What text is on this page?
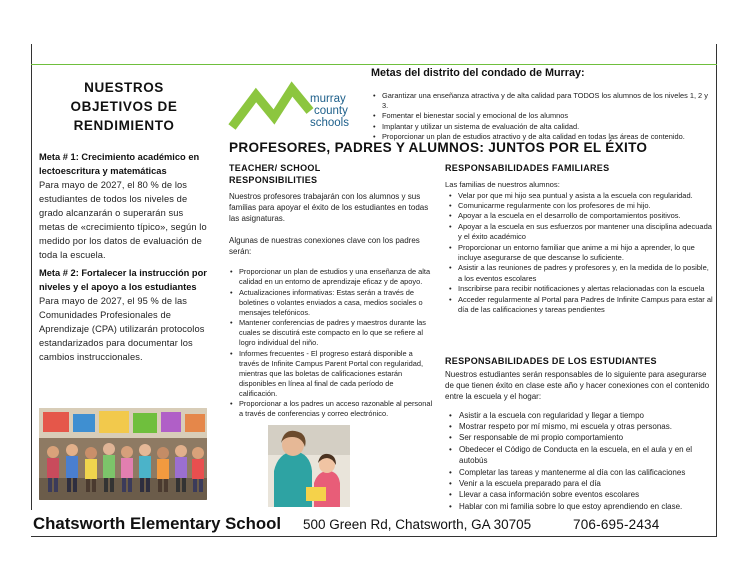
NUESTROS
OBJETIVOS DE
RENDIMIENTO
Meta # 1: Crecimiento académico en lectoescritura y matemáticas
Para mayo de 2027, el 80 % de los estudiantes de todos los niveles de grado alcanzarán o superarán sus metas de «crecimiento típico», según lo medido por los datos de evaluación de toda la escuela.
Meta # 2: Fortalecer la instrucción por niveles y el apoyo a los estudiantes
Para mayo de 2027, el 95 % de las Comunidades Profesionales de Aprendizaje (CPA) utilizarán protocolos estandarizados para documentar los cambios instruccionales.
murray
county
schools
Metas del distrito del condado de Murray:
• Garantizar una enseñanza atractiva y de alta calidad para TODOS los alumnos de los niveles 1, 2 y 3.
• Fomentar el bienestar social y emocional de los alumnos
• Implantar y utilizar un sistema de evaluación de alta calidad.
• Proporcionar un plan de estudios atractivo y de alta calidad en todas las áreas de contenido.
PROFESORES, PADRES Y ALUMNOS: JUNTOS POR EL ÉXITO
TEACHER/ SCHOOL
RESPONSIBILITIES
Nuestros profesores trabajarán con los alumnos y sus familias para apoyar el éxito de los estudiantes en todas las asignaturas.
Algunas de nuestras conexiones clave con los padres serán:
• Proporcionar un plan de estudios y una enseñanza de alta calidad en un entorno de aprendizaje eficaz y de apoyo.
• Actualizaciones informativas: Estas serán a través de boletines o volantes enviados a casa, medios sociales o mensajes telefónicos.
• Mantener conferencias de padres y maestros durante las cuales se discutirá este compacto en lo que se refiere al logro individual del niño.
• Informes frecuentes - El progreso estará disponible a través de Infinite Campus Parent Portal con regularidad, mientras que las boletas de calificaciones estarán disponibles en línea al final de cada período de calificación.
• Proporcionar a los padres un acceso razonable al personal a través de conferencias y correo electrónico.
RESPONSABILIDADES FAMILIARES
Las familias de nuestros alumnos:
• Velar por que mi hijo sea puntual y asista a la escuela con regularidad.
• Comunicarme regularmente con los profesores de mi hijo.
• Apoyar a la escuela en el desarrollo de comportamientos positivos.
• Apoyar a la escuela en sus esfuerzos por mantener una disciplina adecuada y el éxito académico
• Proporcionar un entorno familiar que anime a mi hijo a aprender, lo que incluye asegurarse de que descanse lo suficiente.
• Asistir a las reuniones de padres y profesores y, en la medida de lo posible, a los eventos escolares
• Inscribirse para recibir notificaciones y alertas relacionadas con la escuela
• Acceder regularmente al Portal para Padres de Infinite Campus para estar al día de las calificaciones y tareas pendientes
RESPONSABILIDADES DE LOS ESTUDIANTES
Nuestros estudiantes serán responsables de lo siguiente para asegurarse de que tienen éxito en clase este año y hacer conexiones con el contenido entre la escuela y el hogar:
• Asistir a la escuela con regularidad y llegar a tiempo
• Mostrar respeto por mí mismo, mi escuela y otras personas.
• Ser responsable de mi propio comportamiento
• Obedecer el Código de Conducta en la escuela, en el aula y en el autobús
• Completar las tareas y mantenerme al día con las calificaciones
• Venir a la escuela preparado para el día
• Llevar a casa información sobre eventos escolares
• Hablar con mi familia sobre lo que estoy aprendiendo en clase.
Chatsworth Elementary School 500 Green Rd, Chatsworth, GA 30705	706-695-2434
